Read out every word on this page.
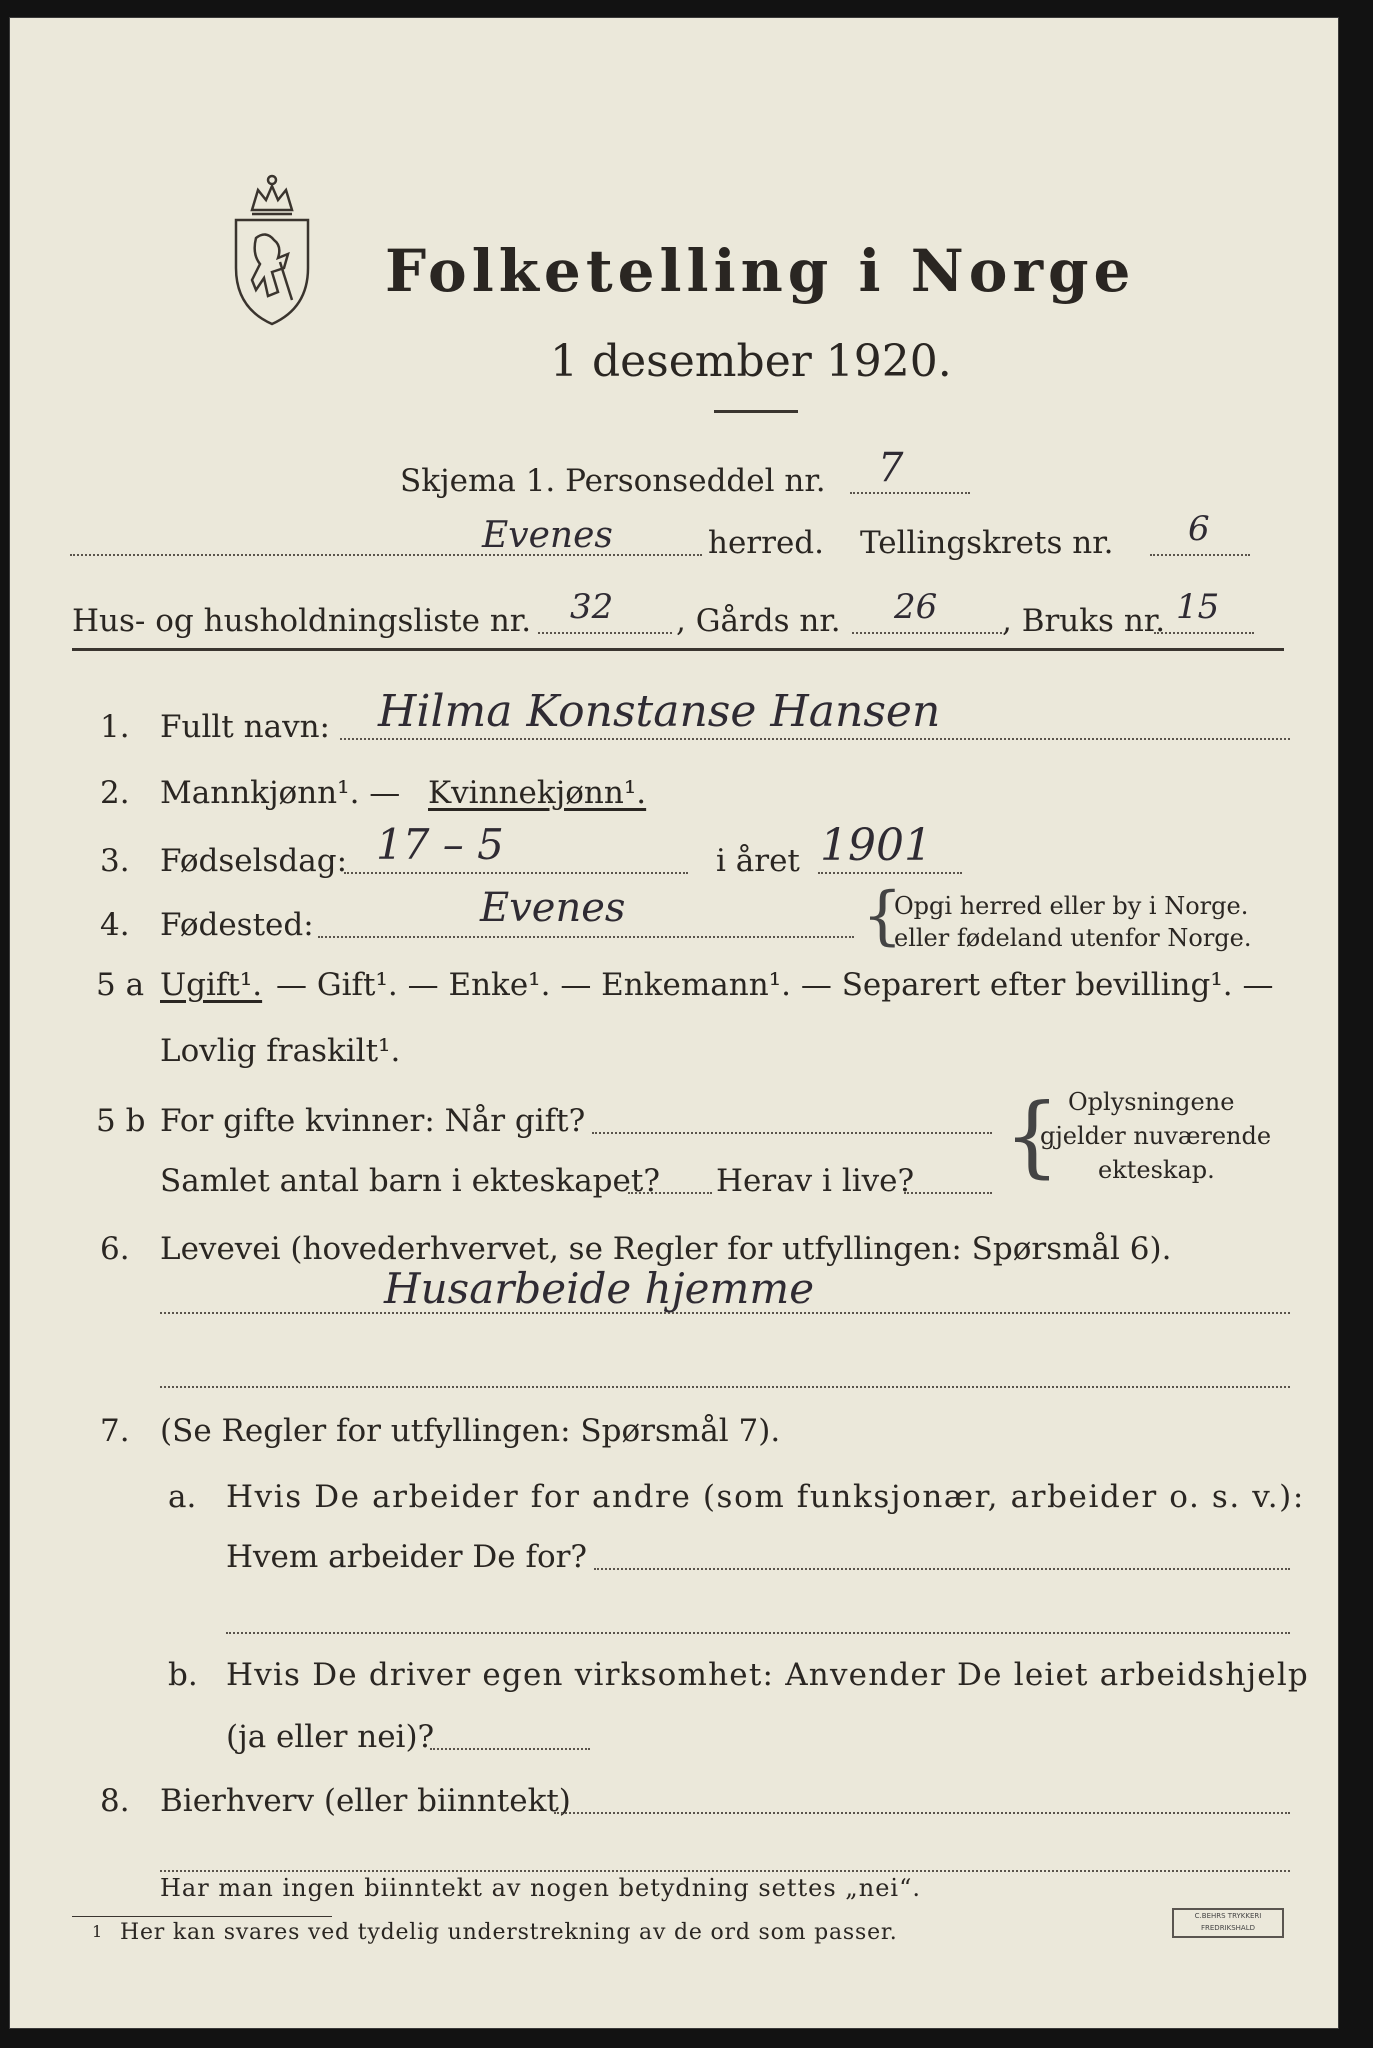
Folketelling i Norge
1 desember 1920.
Skjema 1. Personseddel nr. 7
Evenes	herred. Tellingskrets nr. 6
Hus- og husholdningsliste nr. 32 , Gårds nr. 26 , Bruks nr. 15
1. Fullt navn: Hilma Konstanse Hansen
2. Mannkjønn¹. — Kvinnekjønn¹.
3. Fødselsdag: 17 – 5	i året 1901
4. Fødested:	Evenes	{
Opgi herred eller by i Norge.
eller fødeland utenfor Norge.
5 a Ugift¹. — Gift¹. — Enke¹. — Enkemann¹. — Separert efter bevilling¹. —
Lovlig fraskilt¹.
5 b For gifte kvinner: Når gift?
Samlet antal barn i ekteskapet? Herav i live? { Oplysningene
gjelder nuværende
ekteskap.
6. Levevei (hovederhvervet, se Regler for utfyllingen: Spørsmål 6).
Husarbeide hjemme
7. (Se Regler for utfyllingen: Spørsmål 7).
a. Hvis De arbeider for andre (som funksjonær, arbeider o. s. v.):
Hvem arbeider De for?
b. Hvis De driver egen virksomhet: Anvender De leiet arbeidshjelp
(ja eller nei)?
8. Bierhverv (eller biinntekt)
Har man ingen biinntekt av nogen betydning settes „nei“.
1 Her kan svares ved tydelig understrekning av de ord som passer.
C.BEHRS TRYKKERI
FREDRIKSHALD
